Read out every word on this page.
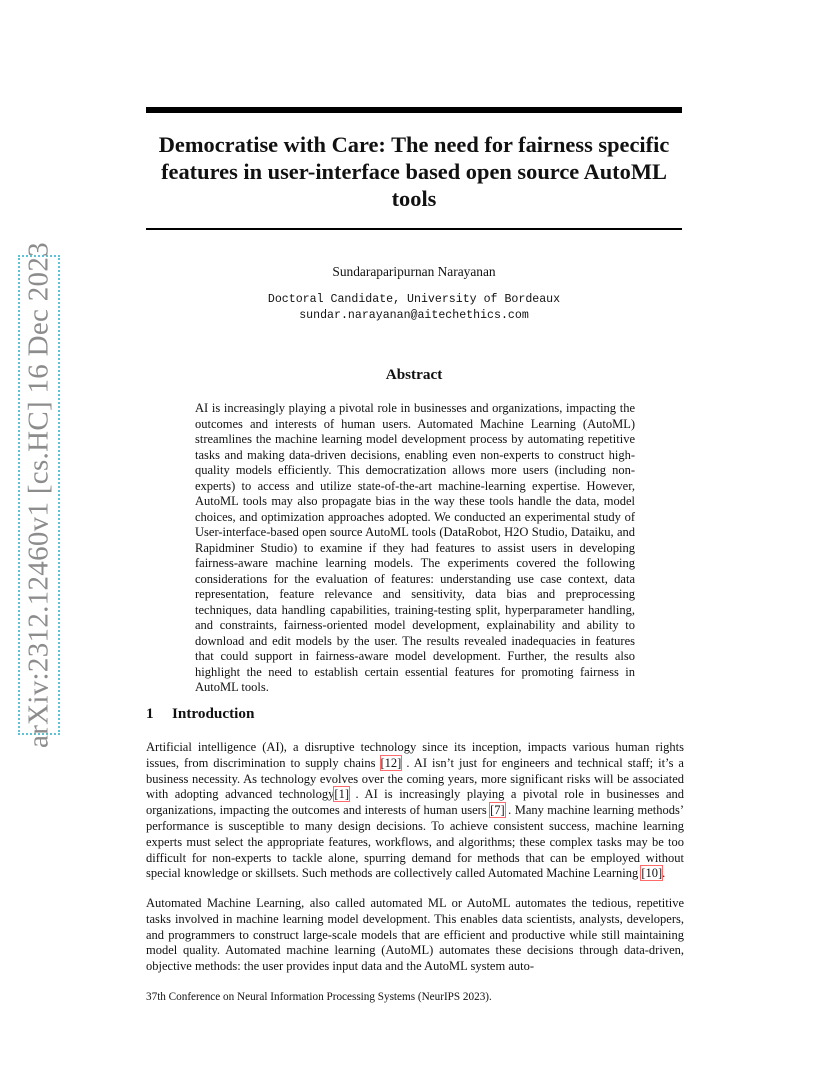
arXiv:2312.12460v1 [cs.HC] 16 Dec 2023
Democratise with Care: The need for fairness specific features in user-interface based open source AutoML tools
Sundaraparipurnan Narayanan
Doctoral Candidate, University of Bordeaux
sundar.narayanan@aitechethics.com
Abstract
AI is increasingly playing a pivotal role in businesses and organizations, impacting the outcomes and interests of human users. Automated Machine Learning (AutoML) streamlines the machine learning model development process by automating repetitive tasks and making data-driven decisions, enabling even non-experts to construct high-quality models efficiently. This democratization allows more users (including non-experts) to access and utilize state-of-the-art machine-learning expertise. However, AutoML tools may also propagate bias in the way these tools handle the data, model choices, and optimization approaches adopted. We conducted an experimental study of User-interface-based open source AutoML tools (DataRobot, H2O Studio, Dataiku, and Rapidminer Studio) to examine if they had features to assist users in developing fairness-aware machine learning models. The experiments covered the following considerations for the evaluation of features: understanding use case context, data representation, feature relevance and sensitivity, data bias and preprocessing techniques, data handling capabilities, training-testing split, hyperparameter handling, and constraints, fairness-oriented model development, explainability and ability to download and edit models by the user. The results revealed inadequacies in features that could support in fairness-aware model development. Further, the results also highlight the need to establish certain essential features for promoting fairness in AutoML tools.
1 Introduction
Artificial intelligence (AI), a disruptive technology since its inception, impacts various human rights issues, from discrimination to supply chains [12] . AI isn’t just for engineers and technical staff; it’s a business necessity. As technology evolves over the coming years, more significant risks will be associated with adopting advanced technology[1] . AI is increasingly playing a pivotal role in businesses and organizations, impacting the outcomes and interests of human users [7] . Many machine learning methods’ performance is susceptible to many design decisions. To achieve consistent success, machine learning experts must select the appropriate features, workflows, and algorithms; these complex tasks may be too difficult for non-experts to tackle alone, spurring demand for methods that can be employed without special knowledge or skillsets. Such methods are collectively called Automated Machine Learning [10].
Automated Machine Learning, also called automated ML or AutoML automates the tedious, repetitive tasks involved in machine learning model development. This enables data scientists, analysts, developers, and programmers to construct large-scale models that are efficient and productive while still maintaining model quality. Automated machine learning (AutoML) automates these decisions through data-driven, objective methods: the user provides input data and the AutoML system auto-
37th Conference on Neural Information Processing Systems (NeurIPS 2023).
